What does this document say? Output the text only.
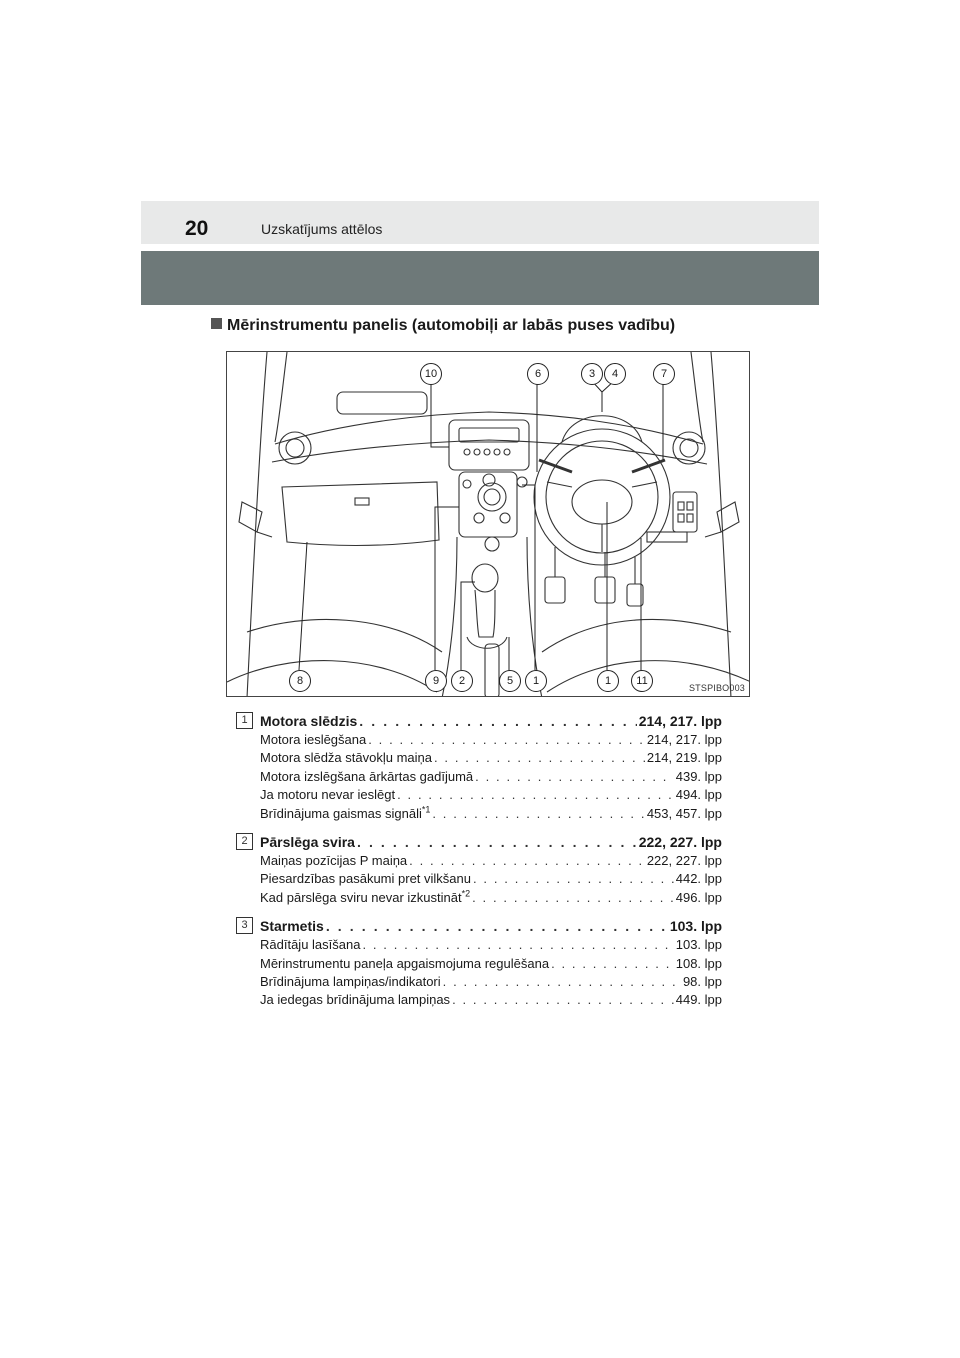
20	Uzskatījums attēlos
Mērinstrumentu panelis (automobiļi ar labās puses vadību)
10	6	3	4	7
8	9	2	5	1	1	11
STSPIBO003
1 Motora slēdzis . . .	214, 217. lpp
Motora ieslēgšana . . .	214, 217. lpp
Motora slēdža stāvokļu maiņa . . .	214, 219. lpp
Motora izslēgšana ārkārtas gadījumā . . .	439. lpp
Ja motoru nevar ieslēgt . . .	494. lpp
Brīdinājuma gaismas signāli$^{*1}$ . . .	453, 457. lpp
2 Pārslēga svira . . .	222, 227. lpp
Maiņas pozīcijas P maiņa . . .	222, 227. lpp
Piesardzības pasākumi pret vilkšanu . . .	442. lpp
Kad pārslēga sviru nevar izkustināt$^{*2}$ . . .	496. lpp
3 Starmetis . . .	103. lpp
Rādītāju lasīšana . . .	103. lpp
Mērinstrumentu paneļa apgaismojuma regulēšana . . .	108. lpp
Brīdinājuma lampiņas/indikatori . . .	98. lpp
Ja iedegas brīdinājuma lampiņas . . .	449. lpp
